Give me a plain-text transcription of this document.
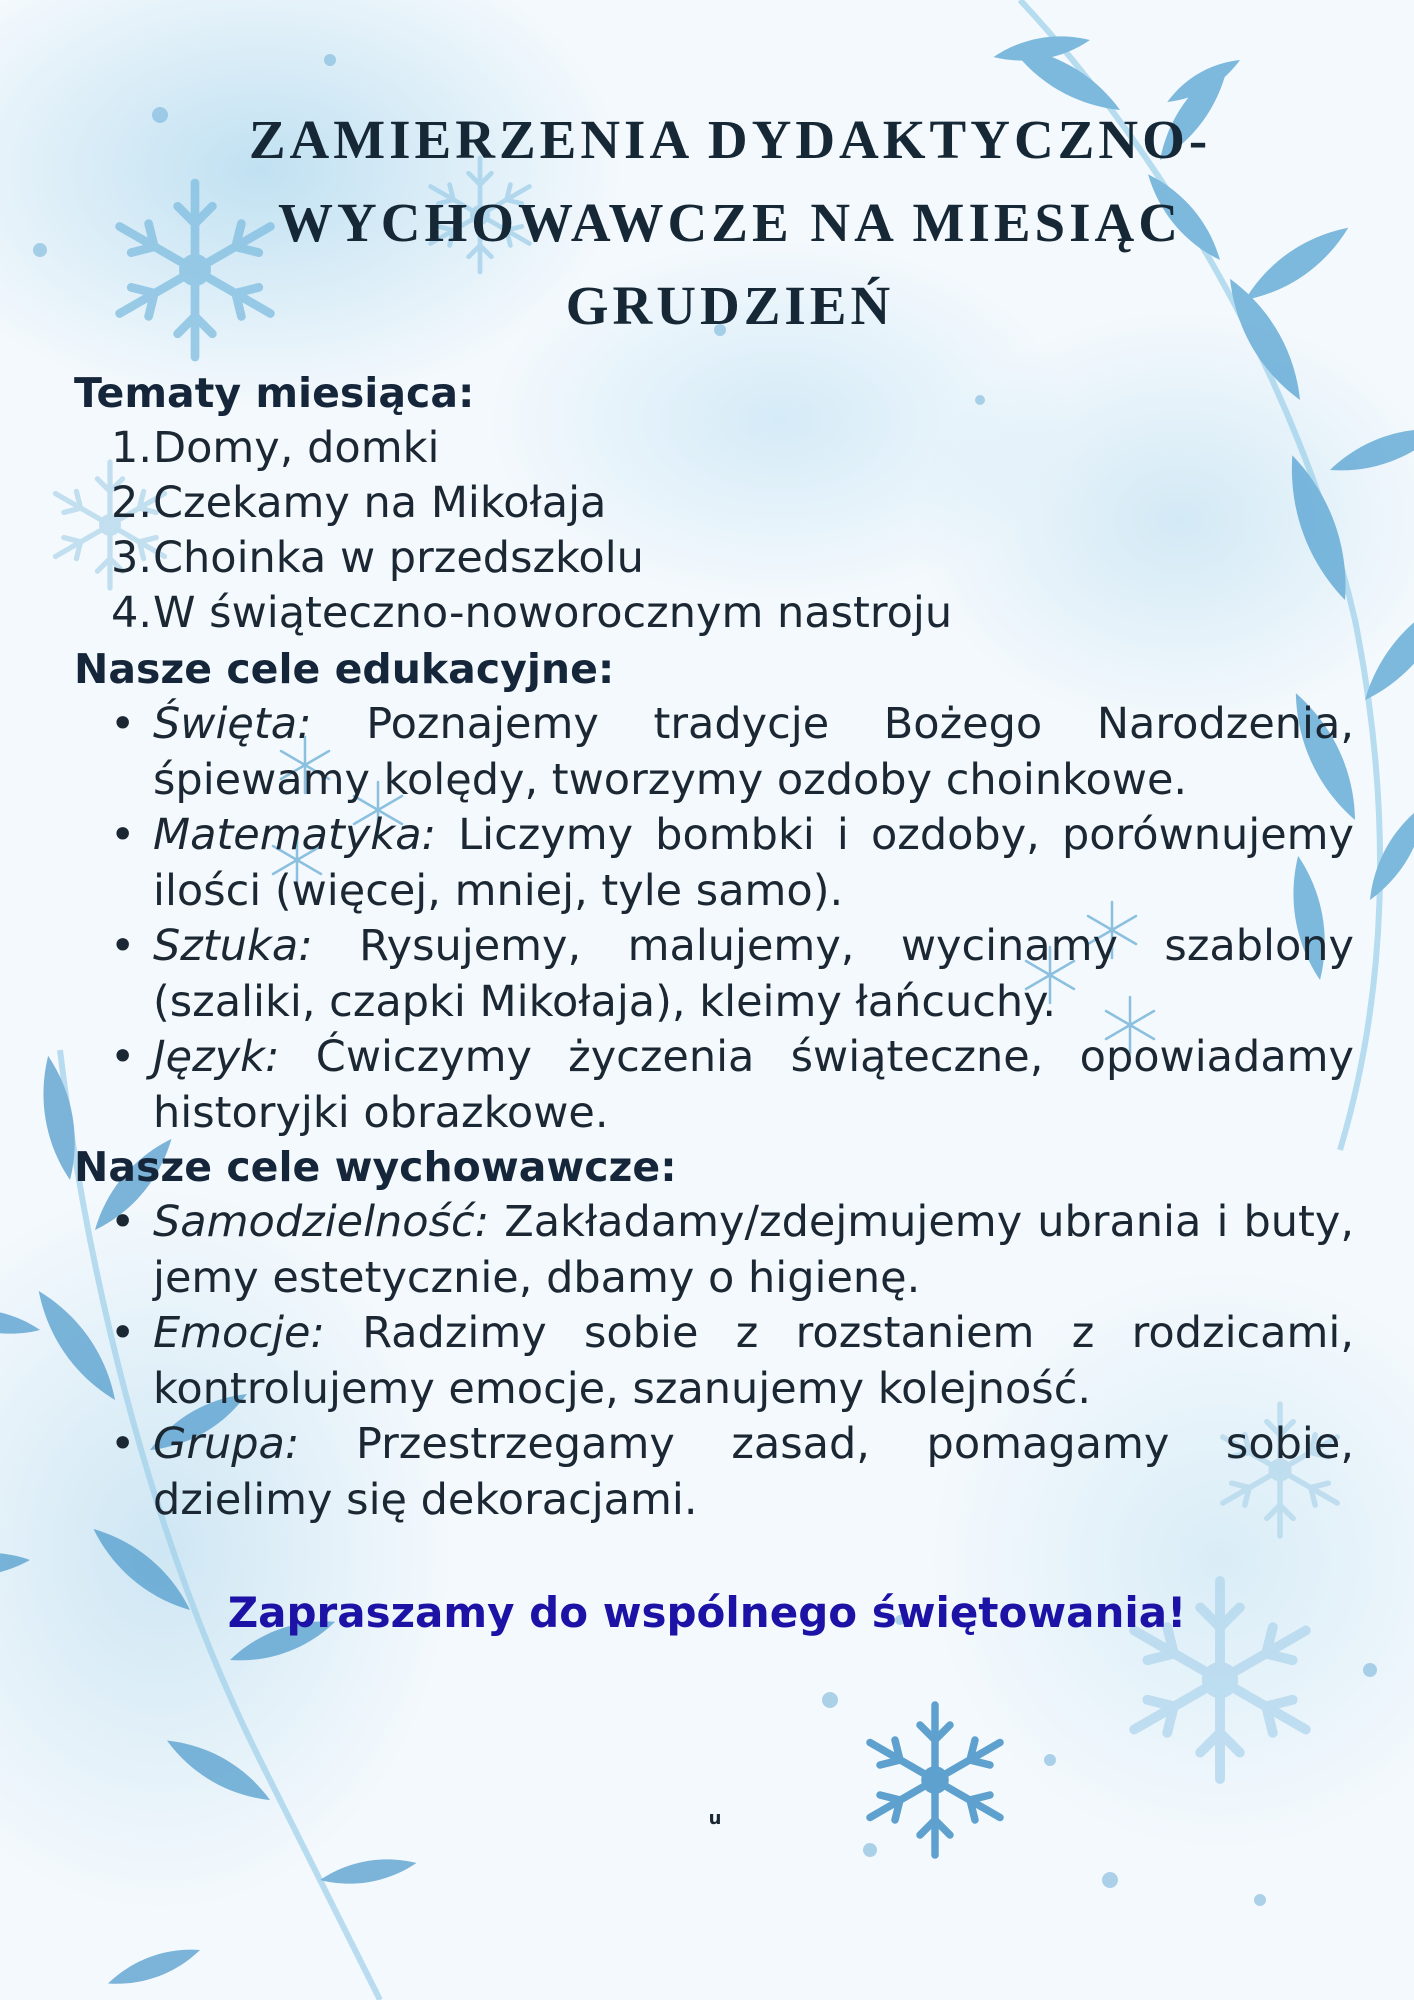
ZAMIERZENIA DYDAKTYCZNO-
WYCHOWAWCZE NA MIESIĄC
GRUDZIEŃ
Tematy miesiąca:
1. Domy, domki
2. Czekamy na Mikołaja
3. Choinka w przedszkolu
4. W świąteczno-noworocznym nastroju
Nasze cele edukacyjne:
• Święta: Poznajemy tradycje Bożego Narodzenia, śpiewamy kolędy, tworzymy ozdoby choinkowe.
• Matematyka: Liczymy bombki i ozdoby, porównujemy ilości (więcej, mniej, tyle samo).
• Sztuka: Rysujemy, malujemy, wycinamy szablony (szaliki, czapki Mikołaja), kleimy łańcuchy.
• Język: Ćwiczymy życzenia świąteczne, opowiadamy historyjki obrazkowe.
Nasze cele wychowawcze:
• Samodzielność: Zakładamy/zdejmujemy ubrania i buty, jemy estetycznie, dbamy o higienę.
• Emocje: Radzimy sobie z rozstaniem z rodzicami, kontrolujemy emocje, szanujemy kolejność.
• Grupa: Przestrzegamy zasad, pomagamy sobie, dzielimy się dekoracjami.

Zapraszamy do wspólnego świętowania!

u
